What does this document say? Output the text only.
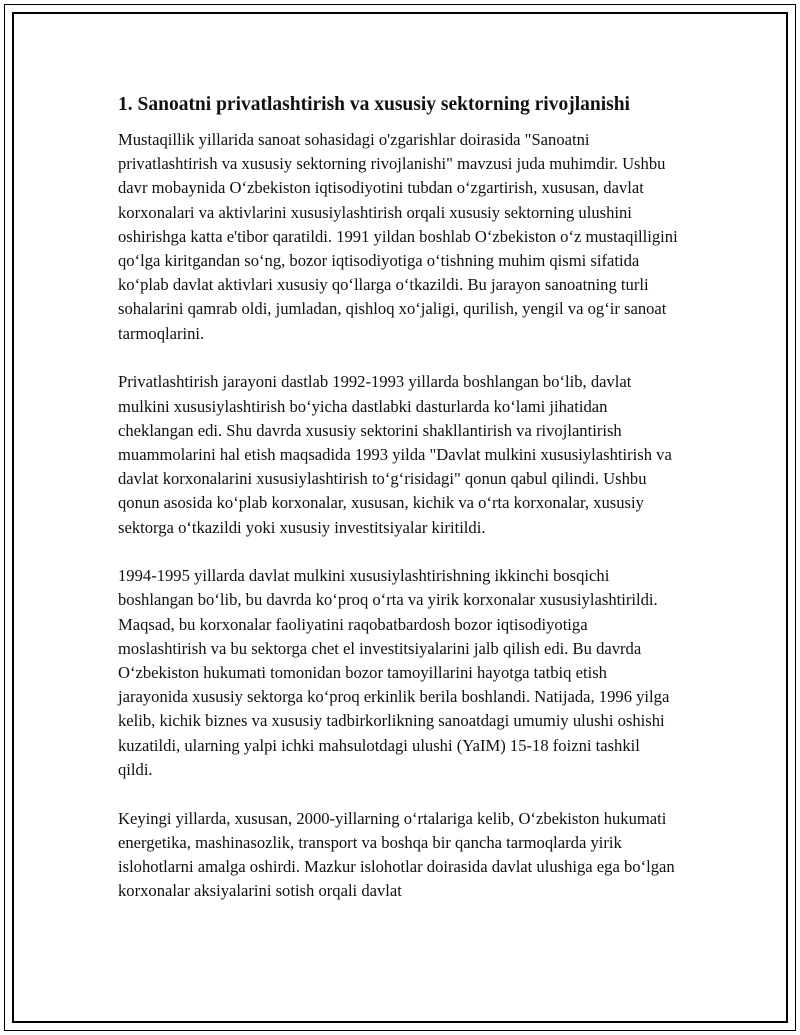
1. Sanoatni privatlashtirish va xususiy sektorning rivojlanishi

Mustaqillik yillarida sanoat sohasidagi o'zgarishlar doirasida "Sanoatni privatlashtirish va xususiy sektorning rivojlanishi" mavzusi juda muhimdir. Ushbu davr mobaynida O‘zbekiston iqtisodiyotini tubdan o‘zgartirish, xususan, davlat korxonalari va aktivlarini xususiylashtirish orqali xususiy sektorning ulushini oshirishga katta e'tibor qaratildi. 1991 yildan boshlab O‘zbekiston o‘z mustaqilligini qo‘lga kiritgandan so‘ng, bozor iqtisodiyotiga o‘tishning muhim qismi sifatida ko‘plab davlat aktivlari xususiy qo‘llarga o‘tkazildi. Bu jarayon sanoatning turli sohalarini qamrab oldi, jumladan, qishloq xo‘jaligi, qurilish, yengil va og‘ir sanoat tarmoqlarini.

Privatlashtirish jarayoni dastlab 1992-1993 yillarda boshlangan bo‘lib, davlat mulkini xususiylashtirish bo‘yicha dastlabki dasturlarda ko‘lami jihatidan cheklangan edi. Shu davrda xususiy sektorini shakllantirish va rivojlantirish muammolarini hal etish maqsadida 1993 yilda "Davlat mulkini xususiylashtirish va davlat korxonalarini xususiylashtirish to‘g‘risidagi" qonun qabul qilindi. Ushbu qonun asosida ko‘plab korxonalar, xususan, kichik va o‘rta korxonalar, xususiy sektorga o‘tkazildi yoki xususiy investitsiyalar kiritildi.

1994-1995 yillarda davlat mulkini xususiylashtirishning ikkinchi bosqichi boshlangan bo‘lib, bu davrda ko‘proq o‘rta va yirik korxonalar xususiylashtirildi. Maqsad, bu korxonalar faoliyatini raqobatbardosh bozor iqtisodiyotiga moslashtirish va bu sektorga chet el investitsiyalarini jalb qilish edi. Bu davrda O‘zbekiston hukumati tomonidan bozor tamoyillarini hayotga tatbiq etish jarayonida xususiy sektorga ko‘proq erkinlik berila boshlandi. Natijada, 1996 yilga kelib, kichik biznes va xususiy tadbirkorlikning sanoatdagi umumiy ulushi oshishi kuzatildi, ularning yalpi ichki mahsulotdagi ulushi (YaIM) 15-18 foizni tashkil qildi.

Keyingi yillarda, xususan, 2000-yillarning o‘rtalariga kelib, O‘zbekiston hukumati energetika, mashinasozlik, transport va boshqa bir qancha tarmoqlarda yirik islohotlarni amalga oshirdi. Mazkur islohotlar doirasida davlat ulushiga ega bo‘lgan korxonalar aksiyalarini sotish orqali davlat
